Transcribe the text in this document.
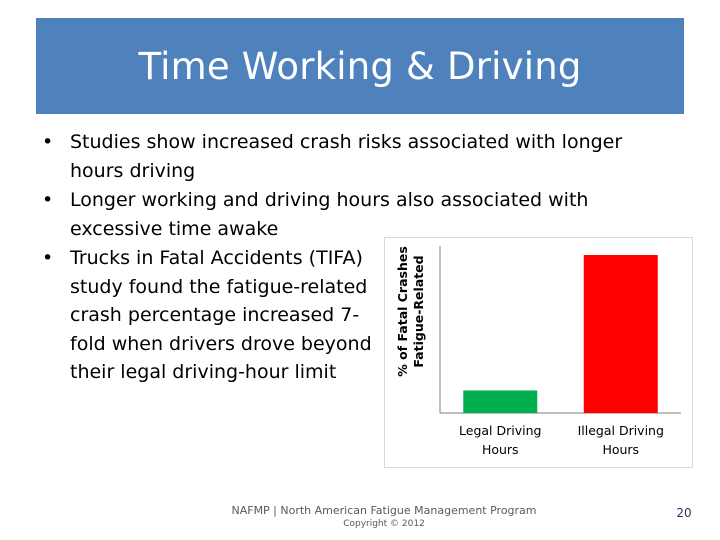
Time Working & Driving
• Studies show increased crash risks associated with longer hours driving
• Longer working and driving hours also associated with excessive time awake
• Trucks in Fatal Accidents (TIFA) study found the fatigue-related crash percentage increased 7-fold when drivers drove beyond their legal driving-hour limit
Legal Driving
Hours
Illegal Driving
Hours
% of Fatal Crashes Fatigue-Related
NAFMP | North American Fatigue Management Program
Copyright © 2012
20
